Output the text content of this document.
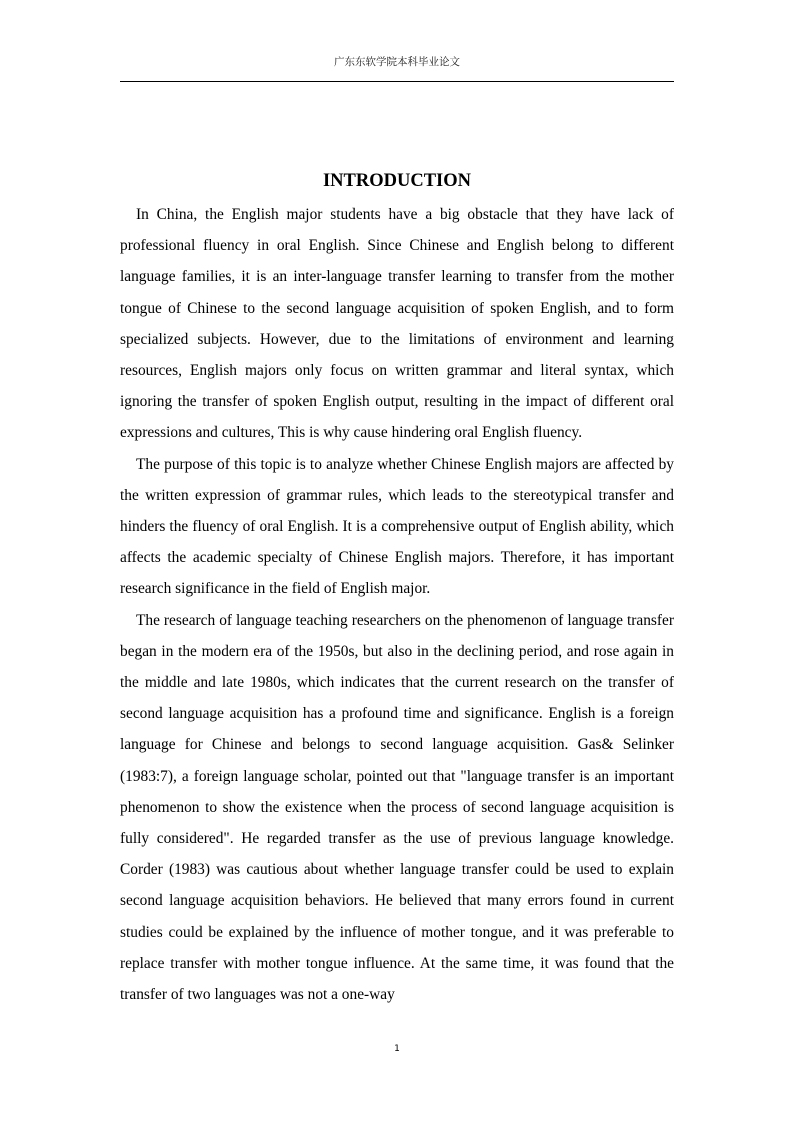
广东东软学院本科毕业论文
INTRODUCTION

In China, the English major students have a big obstacle that they have lack of professional fluency in oral English. Since Chinese and English belong to different language families, it is an inter-language transfer learning to transfer from the mother tongue of Chinese to the second language acquisition of spoken English, and to form specialized subjects. However, due to the limitations of environment and learning resources, English majors only focus on written grammar and literal syntax, which ignoring the transfer of spoken English output, resulting in the impact of different oral expressions and cultures, This is why cause hindering oral English fluency.

The purpose of this topic is to analyze whether Chinese English majors are affected by the written expression of grammar rules, which leads to the stereotypical transfer and hinders the fluency of oral English. It is a comprehensive output of English ability, which affects the academic specialty of Chinese English majors. Therefore, it has important research significance in the field of English major.

The research of language teaching researchers on the phenomenon of language transfer began in the modern era of the 1950s, but also in the declining period, and rose again in the middle and late 1980s, which indicates that the current research on the transfer of second language acquisition has a profound time and significance. English is a foreign language for Chinese and belongs to second language acquisition. Gas& Selinker (1983:7), a foreign language scholar, pointed out that "language transfer is an important phenomenon to show the existence when the process of second language acquisition is fully considered". He regarded transfer as the use of previous language knowledge. Corder (1983) was cautious about whether language transfer could be used to explain second language acquisition behaviors. He believed that many errors found in current studies could be explained by the influence of mother tongue, and it was preferable to replace transfer with mother tongue influence. At the same time, it was found that the transfer of two languages was not a one-way

1
